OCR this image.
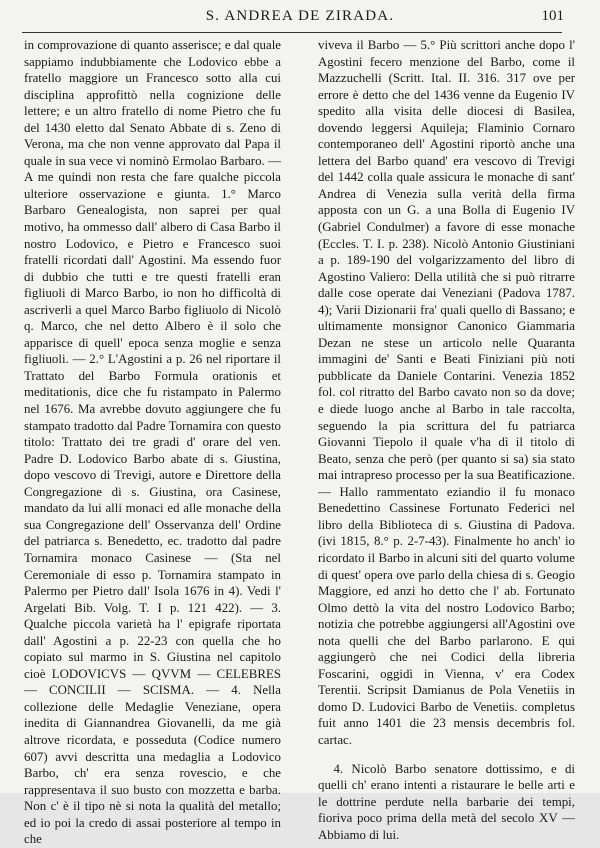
S. ANDREA DE ZIRADA.	101

in comprovazione di quanto asserisce; e dal quale sappiamo indubbiamente che Lodovico ebbe a fratello maggiore un Francesco sotto alla cui disciplina approfittò nella cognizione delle lettere; e un altro fratello di nome Pietro che fu del 1430 eletto dal Senato Abbate di s. Zeno di Verona, ma che non venne approvato dal Papa il quale in sua vece vi nominò Ermolao Barbaro. — A me quindi non resta che fare qualche piccola ulteriore osservazione e giunta. 1.° Marco Barbaro Genealogista, non saprei per qual motivo, ha ommesso dall' albero di Casa Barbo il nostro Lodovico, e Pietro e Francesco suoi fratelli ricordati dall' Agostini. Ma essendo fuor di dubbio che tutti e tre questi fratelli eran figliuoli di Marco Barbo, io non ho difficoltà di ascriverli a quel Marco Barbo figliuolo di Nicolò q. Marco, che nel detto Albero è il solo che apparisce di quell' epoca senza moglie e senza figliuoli. — 2.° L'Agostini a p. 26 nel riportare il Trattato del Barbo Formula orationis et meditationis, dice che fu ristampato in Palermo nel 1676. Ma avrebbe dovuto aggiungere che fu stampato tradotto dal Padre Tornamira con questo titolo: Trattato dei tre gradi d' orare del ven. Padre D. Lodovico Barbo abate di s. Giustina, dopo vescovo di Trevigi, autore e Direttore della Congregazione di s. Giustina, ora Casinese, mandato da lui alli monaci ed alle monache della sua Congregazione dell' Osservanza dell' Ordine del patriarca s. Benedetto, ec. tradotto dal padre Tornamira monaco Casinese — (Sta nel Ceremoniale di esso p. Tornamira stampato in Palermo per Pietro dall' Isola 1676 in 4). Vedi l' Argelati Bib. Volg. T. I p. 121 422). — 3. Qualche piccola varietà ha l' epigrafe riportata dall' Agostini a p. 22-23 con quella che ho copiato sul marmo in S. Giustina nel capitolo cioè LODOVICVS — QVVM — CELEBRES — CONCILII — SCISMA. — 4. Nella collezione delle Medaglie Veneziane, opera inedita di Giannandrea Giovanelli, da me già altrove ricordata, e posseduta (Codice numero 607) avvi descritta una medaglia a Lodovico Barbo, ch' era senza rovescio, e che rappresentava il suo busto con mozzetta e barba. Non c' è il tipo nè si nota la qualità del metallo; ed io poi la credo di assai posteriore al tempo in che

viveva il Barbo — 5.° Più scrittori anche dopo l' Agostini fecero menzione del Barbo, come il Mazzuchelli (Scritt. Ital. II. 316. 317 ove per errore è detto che del 1436 venne da Eugenio IV spedito alla visita delle diocesi di Basilea, dovendo leggersi Aquileja; Flaminio Cornaro contemporaneo dell' Agostini riportò anche una lettera del Barbo quand' era vescovo di Trevigi del 1442 colla quale assicura le monache di sant' Andrea di Venezia sulla verità della firma apposta con un G. a una Bolla di Eugenio IV (Gabriel Condulmer) a favore di esse monache (Eccles. T. I. p. 238). Nicolò Antonio Giustiniani a p. 189-190 del volgarizzamento del libro di Agostino Valiero: Della utilità che si può ritrarre dalle cose operate dai Veneziani (Padova 1787. 4); Varii Dizionarii fra' quali quello di Bassano; e ultimamente monsignor Canonico Giammaria Dezan ne stese un articolo nelle Quaranta immagini de' Santi e Beati Finiziani più noti pubblicate da Daniele Contarini. Venezia 1852 fol. col ritratto del Barbo cavato non so da dove; e diede luogo anche al Barbo in tale raccolta, seguendo la pia scrittura del fu patriarca Giovanni Tiepolo il quale v'ha dì il titolo di Beato, senza che però (per quanto si sa) sia stato mai intrapreso processo per la sua Beatificazione. — Hallo rammentato eziandio il fu monaco Benedettino Cassinese Fortunato Federici nel libro della Biblioteca di s. Giustina di Padova. (ivi 1815, 8.° p. 2-7-43). Finalmente ho anch' io ricordato il Barbo in alcuni siti del quarto volume di quest' opera ove parlo della chiesa di s. Geogio Maggiore, ed anzi ho detto che l' ab. Fortunato Olmo dettò la vita del nostro Lodovico Barbo; notizia che potrebbe aggiungersi all'Agostini ove nota quelli che del Barbo parlarono. E qui aggiungerò che nei Codici della libreria Foscarini, oggidì in Vienna, v' era Codex Terentii. Scripsit Damianus de Pola Venetiis in domo D. Ludovici Barbo de Venetiis. completus fuit anno 1401 die 23 mensis decembris fol. cartac.

4. Nicolò Barbo senatore dottissimo, e di quelli ch' erano intenti a ristaurare le belle arti e le dottrine perdute nella barbarie dei tempi, fioriva poco prima della metà del secolo XV — Abbiamo di lui.
